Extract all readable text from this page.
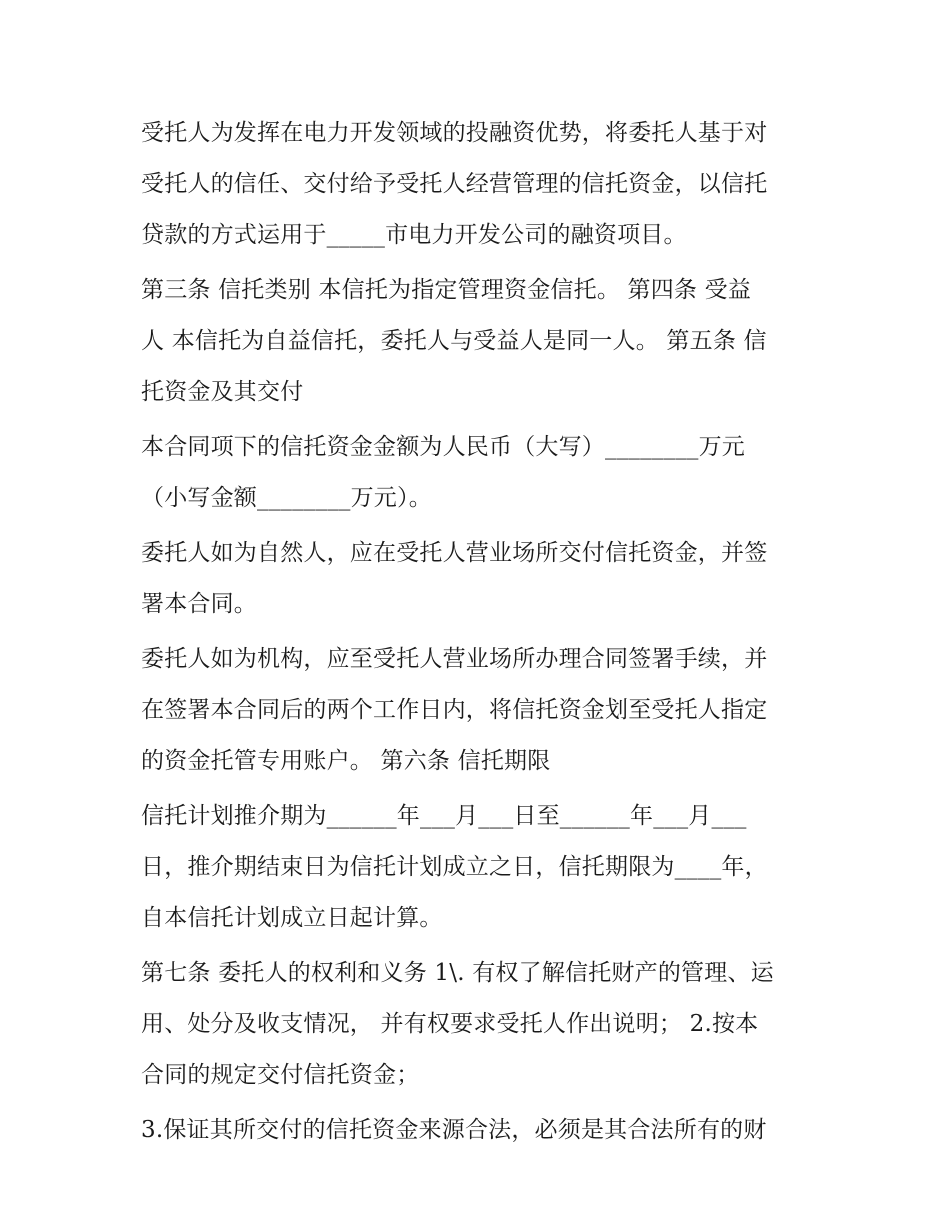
受托人为发挥在电力开发领域的投融资优势，将委托人基于对
受托人的信任、交付给予受托人经营管理的信托资金，以信托
贷款的方式运用于_____市电力开发公司的融资项目。
第三条 信托类别 本信托为指定管理资金信托。 第四条 受益
人 本信托为自益信托，委托人与受益人是同一人。 第五条 信
托资金及其交付
本合同项下的信托资金金额为人民币（大写）________万元
（小写金额________万元）。
委托人如为自然人，应在受托人营业场所交付信托资金，并签
署本合同。
委托人如为机构，应至受托人营业场所办理合同签署手续，并
在签署本合同后的两个工作日内，将信托资金划至受托人指定
的资金托管专用账户。 第六条 信托期限
信托计划推介期为______年___月___日至______年___月___
日，推介期结束日为信托计划成立之日，信托期限为____年，
自本信托计划成立日起计算。
第七条 委托人的权利和义务 1\. 有权了解信托财产的管理、运
用、处分及收支情况， 并有权要求受托人作出说明； 2.按本
合同的规定交付信托资金；
3.保证其所交付的信托资金来源合法，必须是其合法所有的财
